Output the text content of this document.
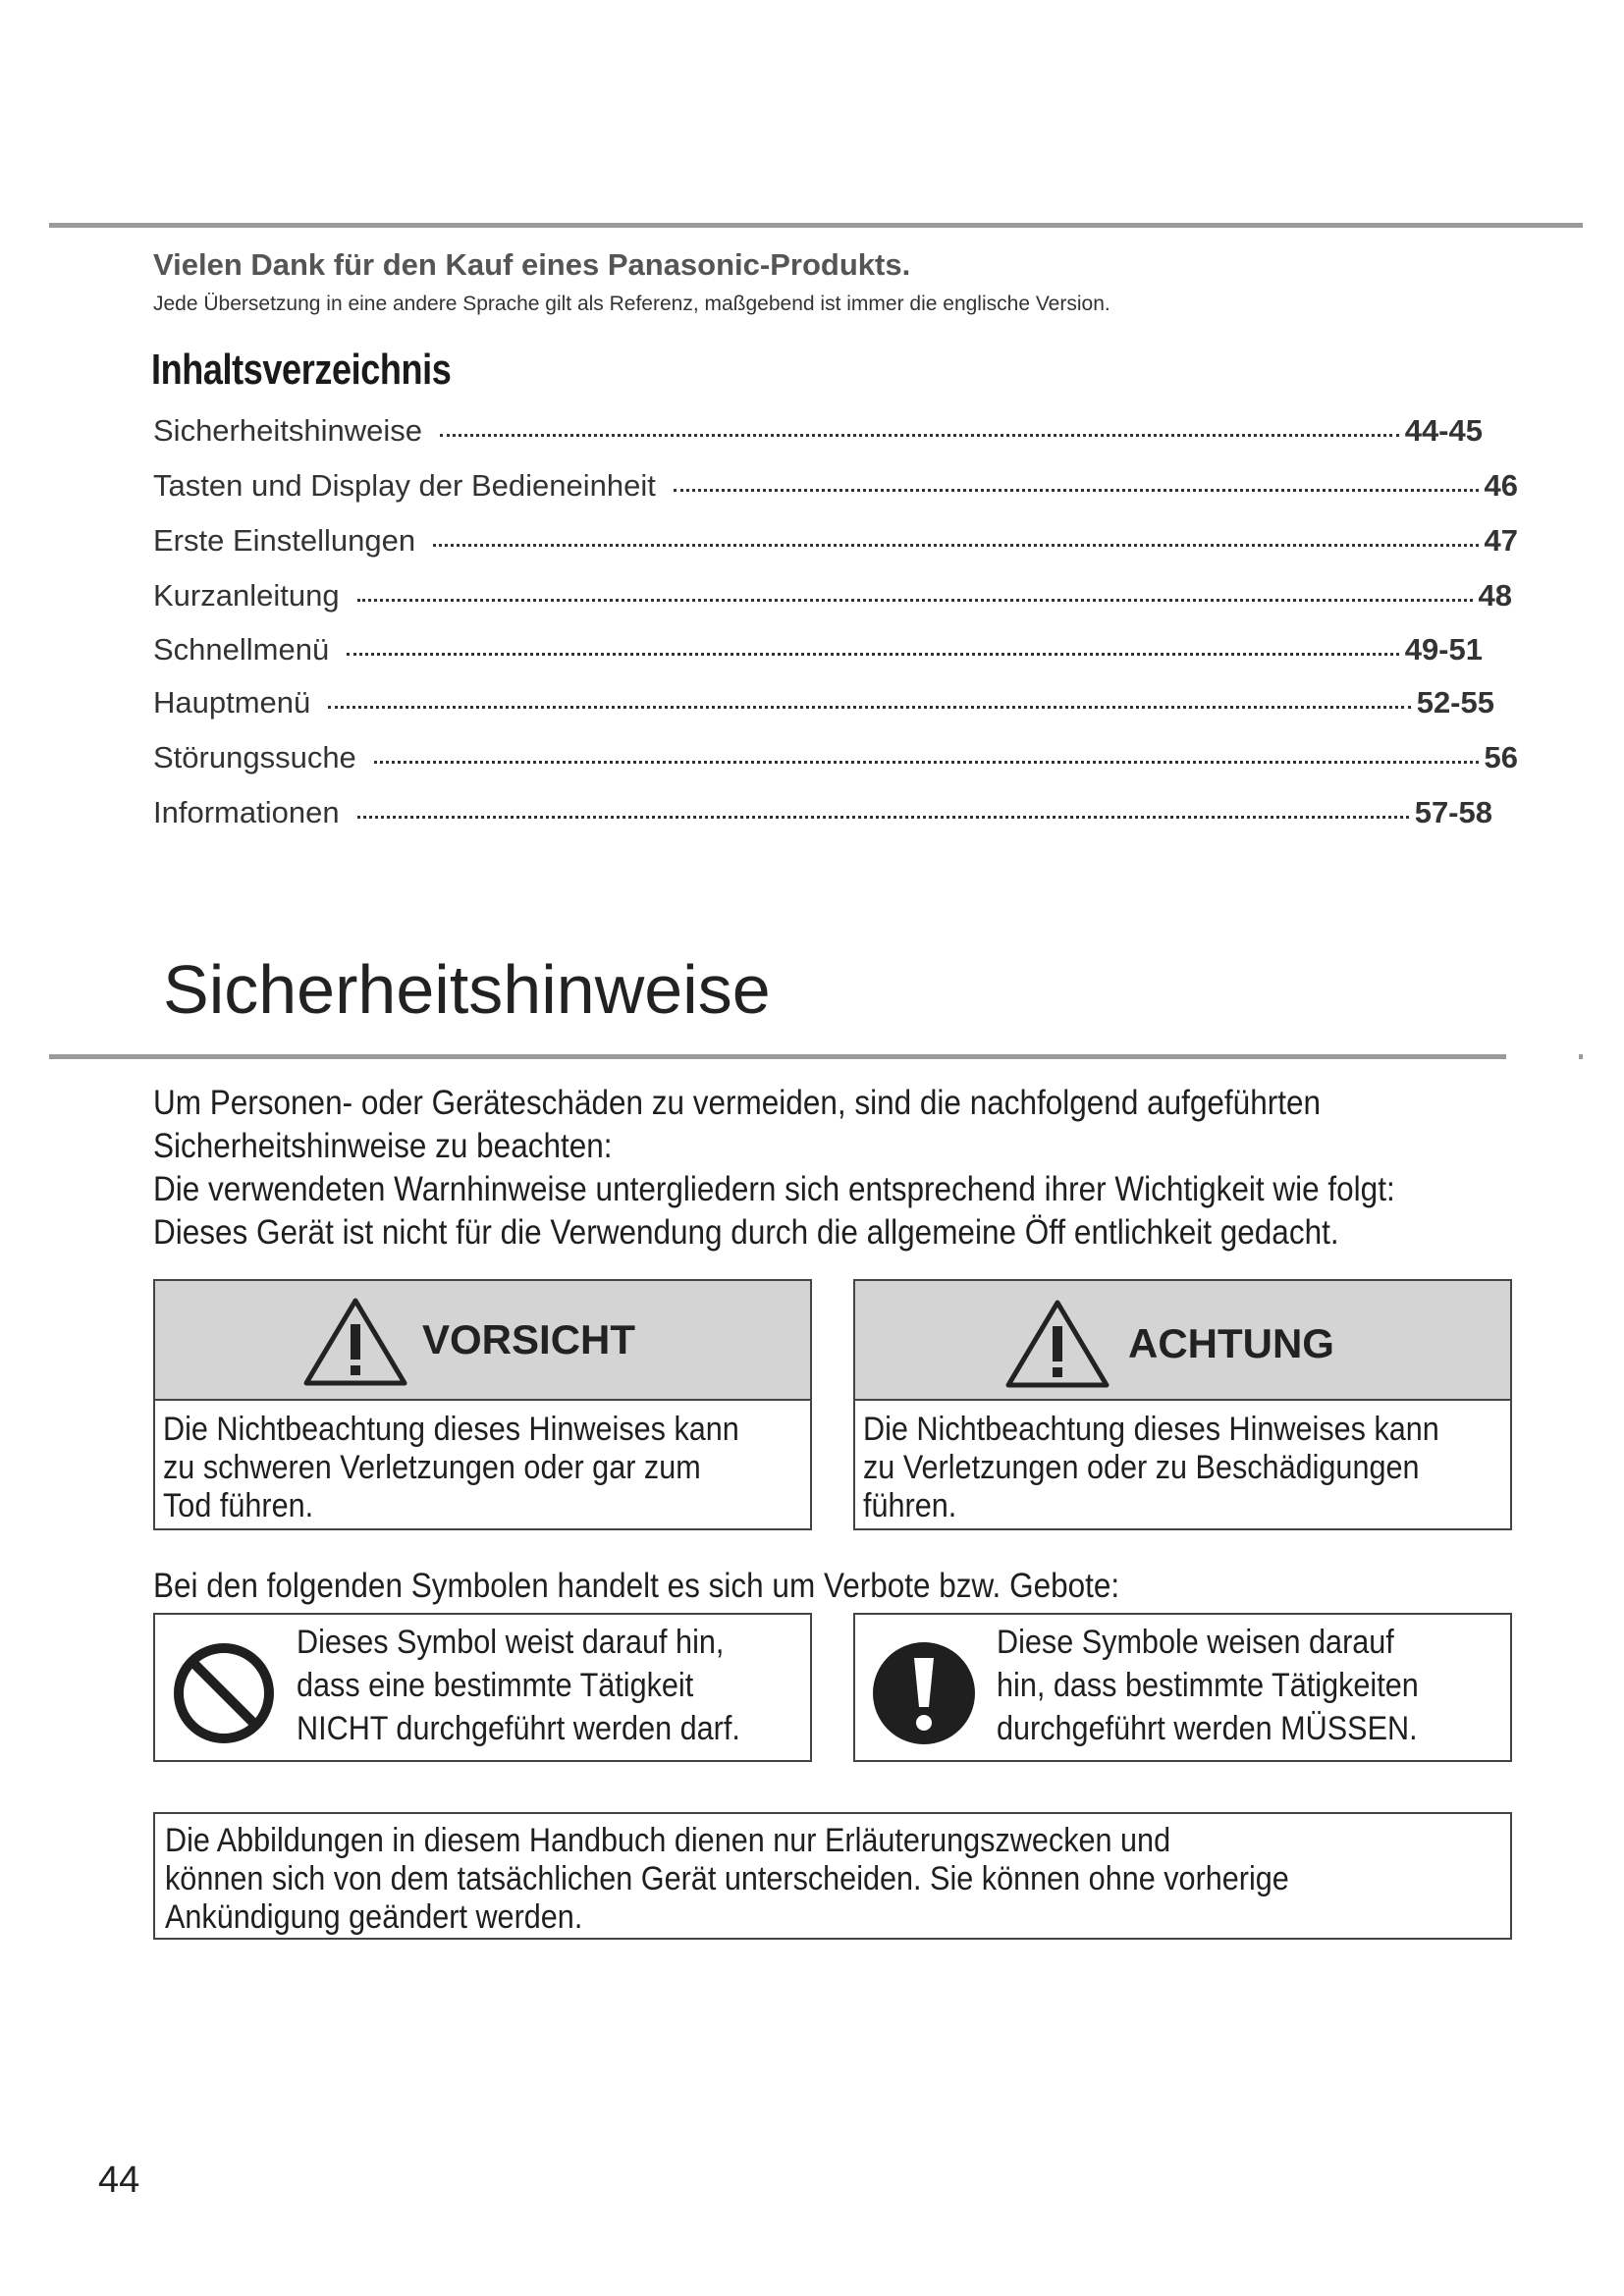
Vielen Dank für den Kauf eines Panasonic-Produkts.
Jede Übersetzung in eine andere Sprache gilt als Referenz, maßgebend ist immer die englische Version.
Inhaltsverzeichnis
Sicherheitshinweise	44-45
Tasten und Display der Bedieneinheit	46
Erste Einstellungen	47
Kurzanleitung	48
Schnellmenü	49-51
Hauptmenü	52-55
Störungssuche	56
Informationen	57-58
Sicherheitshinweise

Um Personen- oder Geräteschäden zu vermeiden, sind die nachfolgend aufgeführten

Sicherheitshinweise zu beachten:

Die verwendeten Warnhinweise untergliedern sich entsprechend ihrer Wichtigkeit wie folgt:

Dieses Gerät ist nicht für die Verwendung durch die allgemeine Öff entlichkeit gedacht.

VORSICHT
Die Nichtbeachtung dieses Hinweises kann
zu schweren Verletzungen oder gar zum
Tod führen.
ACHTUNG
Die Nichtbeachtung dieses Hinweises kann
zu Verletzungen oder zu Beschädigungen
führen.
Bei den folgenden Symbolen handelt es sich um Verbote bzw. Gebote:
Dieses Symbol weist darauf hin,
dass eine bestimmte Tätigkeit
NICHT durchgeführt werden darf.
Diese Symbole weisen darauf
hin, dass bestimmte Tätigkeiten
durchgeführt werden MÜSSEN.
Die Abbildungen in diesem Handbuch dienen nur Erläuterungszwecken und
können sich von dem tatsächlichen Gerät unterscheiden. Sie können ohne vorherige
Ankündigung geändert werden.
44
